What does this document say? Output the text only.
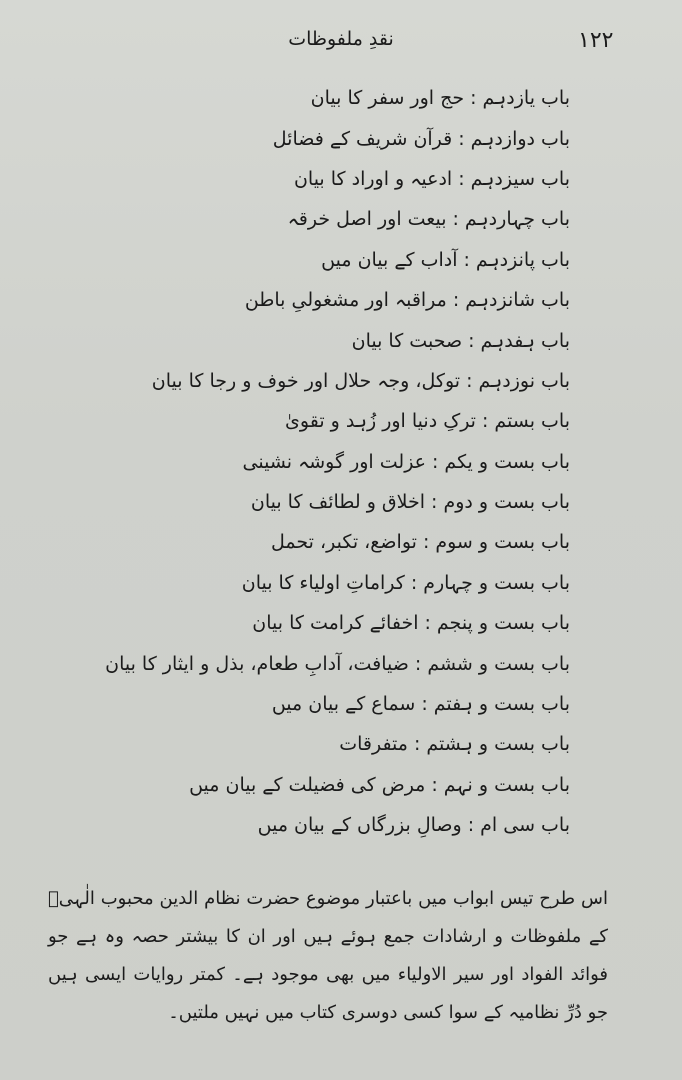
نقدِ ملفوظات	۱۲۲
باب یازدہم
:
حج اور سفر کا بیان
باب دوازدہم
:
قرآن شریف کے فضائل
باب سیزدہم
:
ادعیہ و اوراد کا بیان
باب چہاردہم
:
بیعت اور اصل خرقہ
باب پانزدہم
:
آداب کے بیان میں
باب شانزدہم
:
مراقبہ اور مشغولیِ باطن
باب ہفدہم
:
صحبت کا بیان
باب نوزدہم
:
توکل، وجہ حلال اور خوف و رجا کا بیان
باب بستم
:
ترکِ دنیا اور زُہد و تقویٰ
باب بست و یکم
:
عزلت اور گوشہ نشینی
باب بست و دوم
:
اخلاق و لطائف کا بیان
باب بست و سوم
:
تواضع، تکبر، تحمل
باب بست و چہارم
:
کراماتِ اولیاء کا بیان
باب بست و پنجم
:
اخفائے کرامت کا بیان
باب بست و ششم
:
ضیافت، آدابِ طعام، بذل و ایثار کا بیان
باب بست و ہفتم
:
سماع کے بیان میں
باب بست و ہشتم
:
متفرقات
باب بست و نہم
:
مرض کی فضیلت کے بیان میں
باب سی ام
:
وصالِ بزرگاں کے بیان میں

اس طرح تیس ابواب میں باعتبار موضوع حضرت نظام الدین محبوب الٰہیؒ کے ملفوظات و ارشادات جمع ہوئے ہیں اور ان کا بیشتر حصہ وہ ہے جو فوائد الفواد اور سیر الاولیاء میں بھی موجود ہے۔ کمتر روایات ایسی ہیں جو دُرِّ نظامیہ کے سوا کسی دوسری کتاب میں نہیں ملتیں۔
